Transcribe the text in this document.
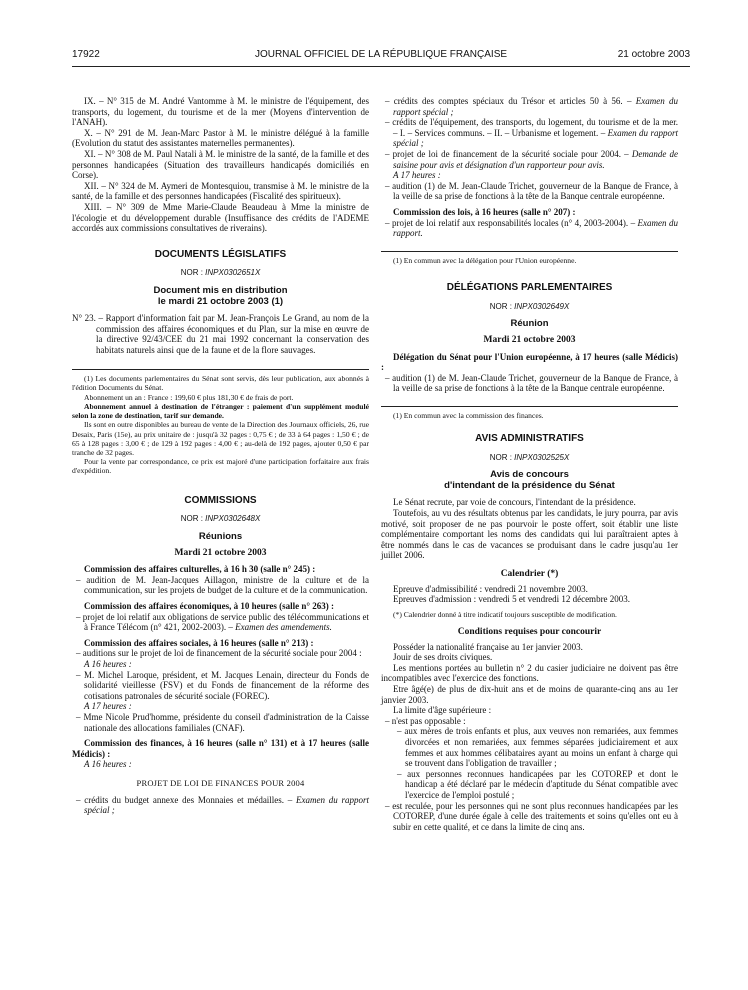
17922	JOURNAL OFFICIEL DE LA RÉPUBLIQUE FRANÇAISE	21 octobre 2003

IX. – N° 315 de M. André Vantomme à M. le ministre de l'équipement, des transports, du logement, du tourisme et de la mer (Moyens d'intervention de l'ANAH).

X. – N° 291 de M. Jean-Marc Pastor à M. le ministre délégué à la famille (Evolution du statut des assistantes maternelles permanentes).

XI. – N° 308 de M. Paul Natali à M. le ministre de la santé, de la famille et des personnes handicapées (Situation des travailleurs handicapés domiciliés en Corse).

XII. – N° 324 de M. Aymeri de Montesquiou, transmise à M. le ministre de la santé, de la famille et des personnes handicapées (Fiscalité des spiritueux).

XIII. – N° 309 de Mme Marie-Claude Beaudeau à Mme la ministre de l'écologie et du développement durable (Insuffisance des crédits de l'ADEME accordés aux commissions consultatives de riverains).

DOCUMENTS LÉGISLATIFS
NOR : INPX0302651X
Document mis en distribution
le mardi 21 octobre 2003 (1)

N° 23. – Rapport d'information fait par M. Jean-François Le Grand, au nom de la commission des affaires économiques et du Plan, sur la mise en œuvre de la directive 92/43/CEE du 21 mai 1992 concernant la conservation des habitats naturels ainsi que de la faune et de la flore sauvages.

(1) Les documents parlementaires du Sénat sont servis, dès leur publication, aux abonnés à l'édition Documents du Sénat.

Abonnement un an : France : 199,60 € plus 181,30 € de frais de port.

Abonnement annuel à destination de l'étranger : paiement d'un supplément modulé selon la zone de destination, tarif sur demande.

Ils sont en outre disponibles au bureau de vente de la Direction des Journaux officiels, 26, rue Desaix, Paris (15e), au prix unitaire de : jusqu'à 32 pages : 0,75 € ; de 33 à 64 pages : 1,50 € ; de 65 à 128 pages : 3,00 € ; de 129 à 192 pages : 4,00 € ; au-delà de 192 pages, ajouter 0,50 € par tranche de 32 pages.

Pour la vente par correspondance, ce prix est majoré d'une participation forfaitaire aux frais d'expédition.

COMMISSIONS
NOR : INPX0302648X
Réunions
Mardi 21 octobre 2003

Commission des affaires culturelles, à 16 h 30 (salle n° 245) :

– audition de M. Jean-Jacques Aillagon, ministre de la culture et de la communication, sur les projets de budget de la culture et de la communication.

Commission des affaires économiques, à 10 heures (salle n° 263) :

– projet de loi relatif aux obligations de service public des télécommunications et à France Télécom (n° 421, 2002-2003). – Examen des amendements.

Commission des affaires sociales, à 16 heures (salle n° 213) :

– auditions sur le projet de loi de financement de la sécurité sociale pour 2004 :

A 16 heures :

– M. Michel Laroque, président, et M. Jacques Lenain, directeur du Fonds de solidarité vieillesse (FSV) et du Fonds de financement de la réforme des cotisations patronales de sécurité sociale (FOREC).

A 17 heures :

– Mme Nicole Prud'homme, présidente du conseil d'administration de la Caisse nationale des allocations familiales (CNAF).

Commission des finances, à 16 heures (salle n° 131) et à 17 heures (salle Médicis) :

A 16 heures :

PROJET DE LOI DE FINANCES POUR 2004

– crédits du budget annexe des Monnaies et médailles. – Examen du rapport spécial ;

– crédits des comptes spéciaux du Trésor et articles 50 à 56. – Examen du rapport spécial ;

– crédits de l'équipement, des transports, du logement, du tourisme et de la mer. – I. – Services communs. – II. – Urbanisme et logement. – Examen du rapport spécial ;

– projet de loi de financement de la sécurité sociale pour 2004. – Demande de saisine pour avis et désignation d'un rapporteur pour avis.

A 17 heures :

– audition (1) de M. Jean-Claude Trichet, gouverneur de la Banque de France, à la veille de sa prise de fonctions à la tête de la Banque centrale européenne.

Commission des lois, à 16 heures (salle n° 207) :

– projet de loi relatif aux responsabilités locales (n° 4, 2003-2004). – Examen du rapport.

(1) En commun avec la délégation pour l'Union européenne.

DÉLÉGATIONS PARLEMENTAIRES
NOR : INPX0302649X
Réunion
Mardi 21 octobre 2003

Délégation du Sénat pour l'Union européenne, à 17 heures (salle Médicis) :

– audition (1) de M. Jean-Claude Trichet, gouverneur de la Banque de France, à la veille de sa prise de fonctions à la tête de la Banque centrale européenne.

(1) En commun avec la commission des finances.

AVIS ADMINISTRATIFS
NOR : INPX0302525X
Avis de concours
d'intendant de la présidence du Sénat

Le Sénat recrute, par voie de concours, l'intendant de la présidence.

Toutefois, au vu des résultats obtenus par les candidats, le jury pourra, par avis motivé, soit proposer de ne pas pourvoir le poste offert, soit établir une liste complémentaire comportant les noms des candidats qui lui paraîtraient aptes à être nommés dans le cas de vacances se produisant dans le cadre jusqu'au 1er juillet 2006.

Calendrier (*)

Epreuve d'admissibilité : vendredi 21 novembre 2003.

Epreuves d'admission : vendredi 5 et vendredi 12 décembre 2003.

(*) Calendrier donné à titre indicatif toujours susceptible de modification.

Conditions requises pour concourir

Posséder la nationalité française au 1er janvier 2003.

Jouir de ses droits civiques.

Les mentions portées au bulletin n° 2 du casier judiciaire ne doivent pas être incompatibles avec l'exercice des fonctions.

Etre âgé(e) de plus de dix-huit ans et de moins de quarante-cinq ans au 1er janvier 2003.

La limite d'âge supérieure :

– n'est pas opposable :

– aux mères de trois enfants et plus, aux veuves non remariées, aux femmes divorcées et non remariées, aux femmes séparées judiciairement et aux femmes et aux hommes célibataires ayant au moins un enfant à charge qui se trouvent dans l'obligation de travailler ;

– aux personnes reconnues handicapées par les COTOREP et dont le handicap a été déclaré par le médecin d'aptitude du Sénat compatible avec l'exercice de l'emploi postulé ;

– est reculée, pour les personnes qui ne sont plus reconnues handicapées par les COTOREP, d'une durée égale à celle des traitements et soins qu'elles ont eu à subir en cette qualité, et ce dans la limite de cinq ans.
